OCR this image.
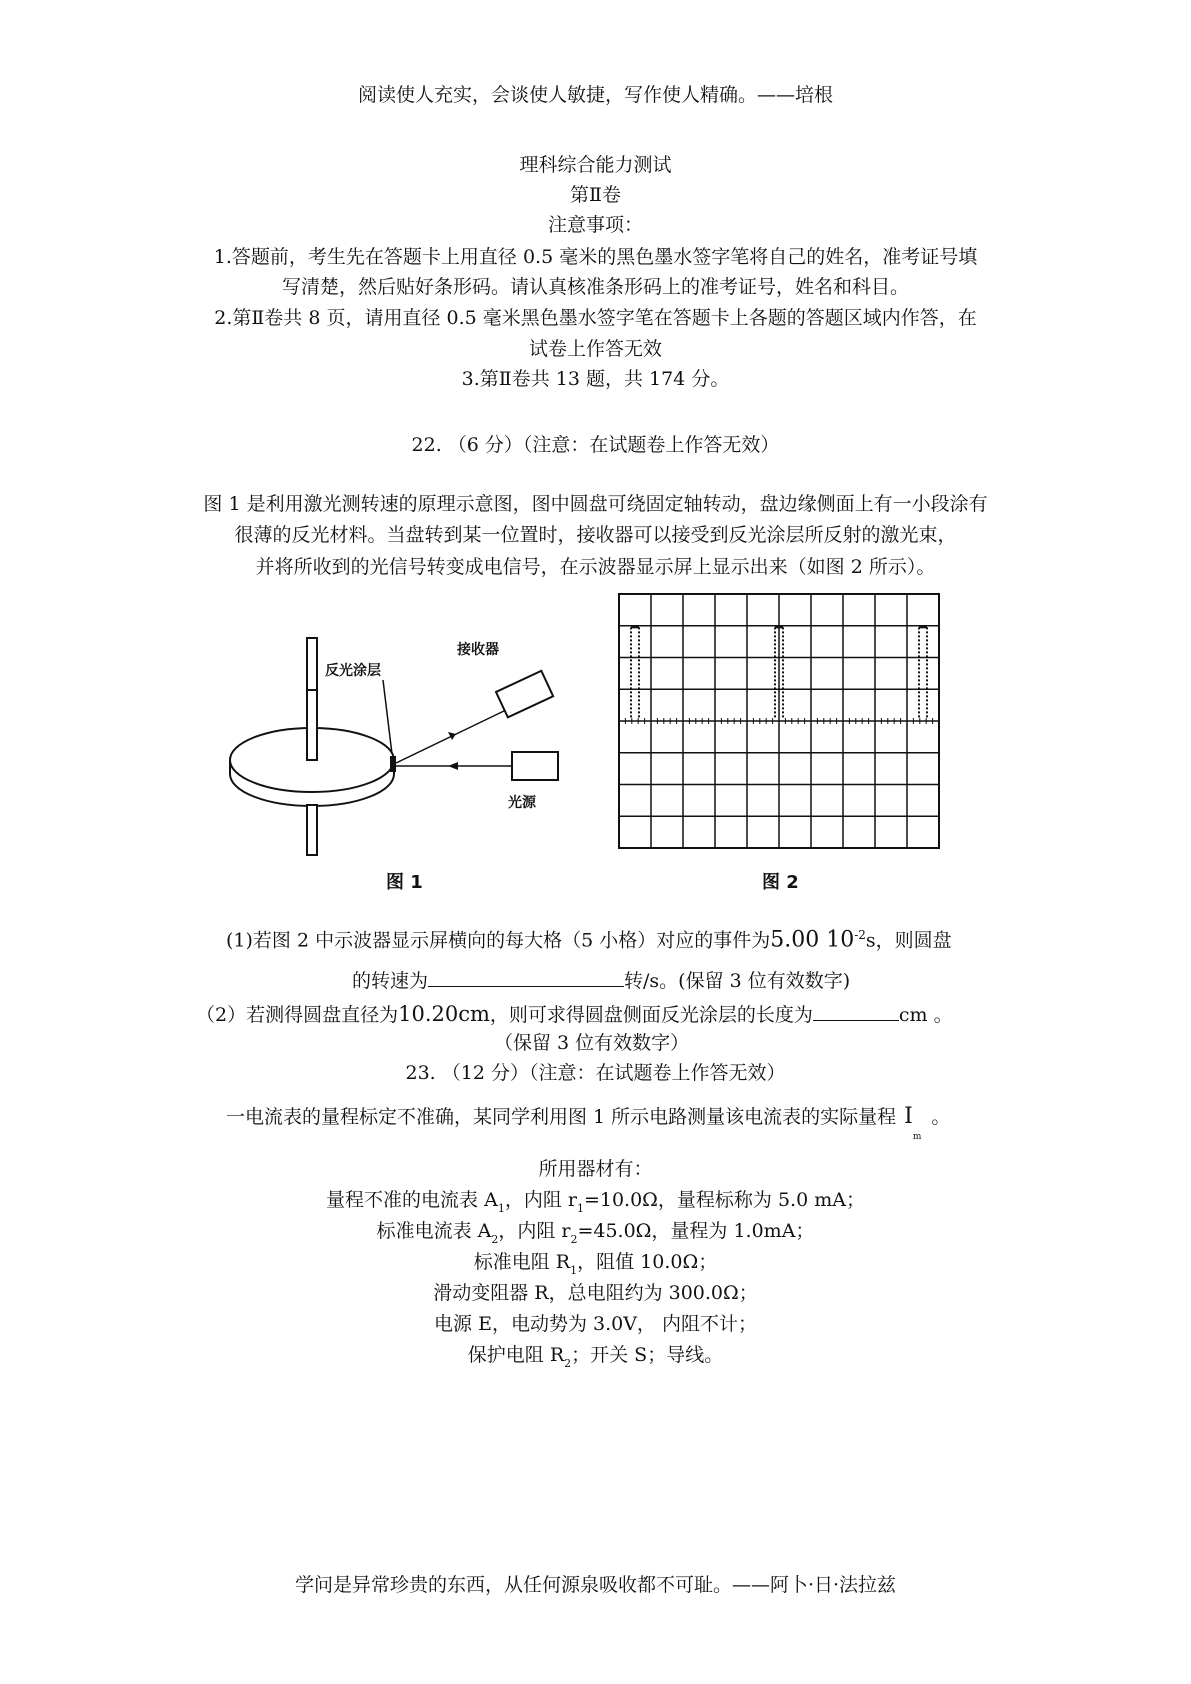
阅读使人充实，会谈使人敏捷，写作使人精确。——培根
理科综合能力测试
第Ⅱ卷
注意事项：
1.答题前，考生先在答题卡上用直径 0.5 毫米的黑色墨水签字笔将自己的姓名，准考证号填
写清楚，然后贴好条形码。请认真核准条形码上的准考证号，姓名和科目。
2.第Ⅱ卷共 8 页，请用直径 0.5 毫米黑色墨水签字笔在答题卡上各题的答题区域内作答，在
试卷上作答无效
3.第Ⅱ卷共 13 题，共 174 分。
22. （6 分）（注意：在试题卷上作答无效）
图 1 是利用激光测转速的原理示意图，图中圆盘可绕固定轴转动，盘边缘侧面上有一小段涂有
很薄的反光材料。当盘转到某一位置时，接收器可以接受到反光涂层所反射的激光束，
并将所收到的光信号转变成电信号，在示波器显示屏上显示出来（如图 2 所示）。
反光涂层
接收器
光源
图 1	图 2
(1)若图 2 中示波器显示屏横向的每大格（5 小格）对应的事件为5.00 $10^{-2}s$，则圆盘
的转速为	转/s。(保留 3 位有效数字)
（2）若测得圆盘直径为10.20cm，则可求得圆盘侧面反光涂层的长度为	cm 。
（保留 3 位有效数字）
23. （12 分）（注意：在试题卷上作答无效）
一电流表的量程标定不准确，某同学利用图 1 所示电路测量该电流表的实际量程 $I_m$。
所用器材有：
量程不准的电流表 $A_1$，内阻 $r_1=10.0\Omega$，量程标称为 5.0 mA；
标准电流表 $A_2$，内阻 $r_2=45.0\Omega$，量程为 1.0mA；
标准电阻 $R_1$，阻值 10.0Ω；
滑动变阻器 R，总电阻约为 300.0Ω；
电源 E，电动势为 3.0V， 内阻不计；
保护电阻 $R_2$；开关 S；导线。
学问是异常珍贵的东西，从任何源泉吸收都不可耻。——阿卜·日·法拉兹
